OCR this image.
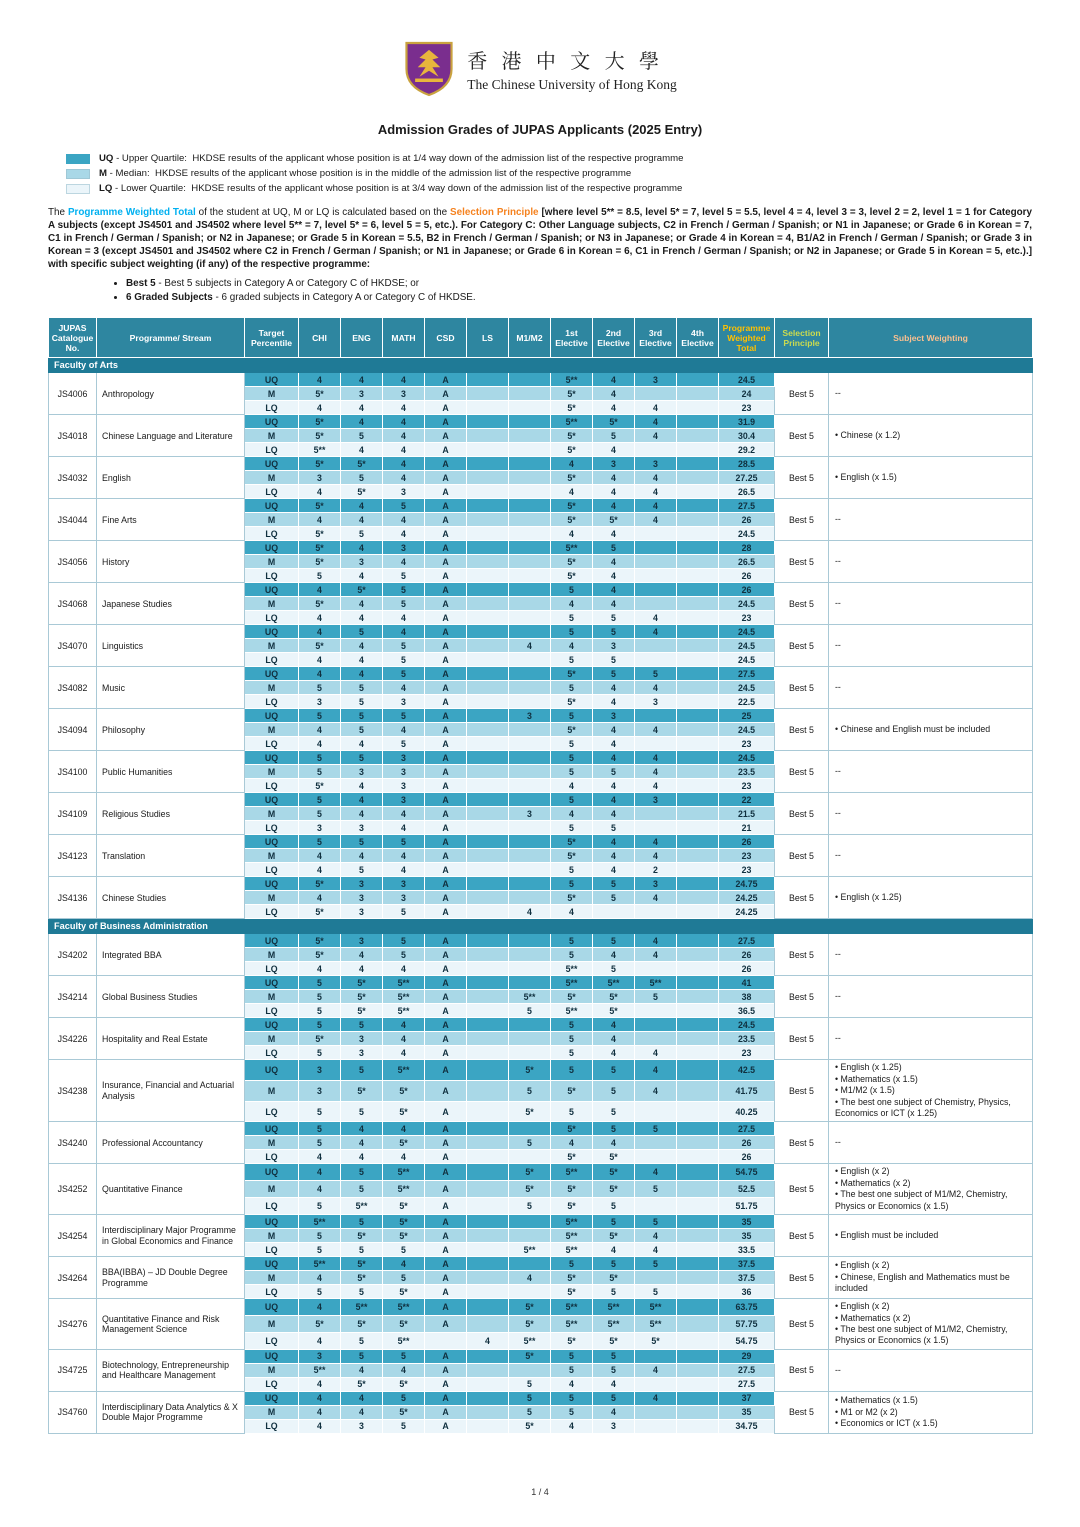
香 港 中 文 大 學
The Chinese University of Hong Kong
Admission Grades of JUPAS Applicants (2025 Entry)
UQ - Upper Quartile: HKDSE results of the applicant whose position is at 1/4 way down of the admission list of the respective programme
M - Median: HKDSE results of the applicant whose position is in the middle of the admission list of the respective programme
LQ - Lower Quartile: HKDSE results of the applicant whose position is at 3/4 way down of the admission list of the respective programme

The Programme Weighted Total of the student at UQ, M or LQ is calculated based on the Selection Principle [where level 5** = 8.5, level 5* = 7, level 5 = 5.5, level 4 = 4, level 3 = 3, level 2 = 2, level 1 = 1 for Category A subjects (except JS4501 and JS4502 where level 5** = 7, level 5* = 6, level 5 = 5, etc.). For Category C: Other Language subjects, C2 in French / German / Spanish; or N1 in Japanese; or Grade 6 in Korean = 7, C1 in French / German / Spanish; or N2 in Japanese; or Grade 5 in Korean = 5.5, B2 in French / German / Spanish; or N3 in Japanese; or Grade 4 in Korean = 4, B1/A2 in French / German / Spanish; or Grade 3 in Korean = 3 (except JS4501 and JS4502 where C2 in French / German / Spanish; or N1 in Japanese; or Grade 6 in Korean = 6, C1 in French / German / Spanish; or N2 in Japanese; or Grade 5 in Korean = 5, etc.).] with specific subject weighting (if any) of the respective programme:

• Best 5 - Best 5 subjects in Category A or Category C of HKDSE; or
• 6 Graded Subjects - 6 graded subjects in Category A or Category C of HKDSE.
JUPAS Catalogue No.	Programme/ Stream	Target Percentile	CHI	ENG	MATH	CSD	LS	M1/M2	1st Elective	2nd Elective	3rd Elective	4th Elective	Programme Weighted Total	Selection Principle	Subject Weighting
Faculty of Arts															
JS4006	Anthropology	UQ	4	4	4	A			5**	4	3		24.5	Best 5	--

		M	5*	3	3	A			5*	4			24		
		LQ	4	4	4	A			5*	4	4		23		
JS4018	Chinese Language and Literature	UQ	5*	4	4	A			5**	5*	4		31.9	Best 5	• Chinese (x 1.2)

		M	5*	5	4	A			5*	5	4		30.4		
		LQ	5**	4	4	A			5*	4			29.2		
JS4032	English	UQ	5*	5*	4	A			4	3	3		28.5	Best 5	• English (x 1.5)

		M	3	5	4	A			5*	4	4		27.25		
		LQ	4	5*	3	A			4	4	4		26.5		
JS4044	Fine Arts	UQ	5*	4	5	A			5*	4	4		27.5	Best 5	--

		M	4	4	4	A			5*	5*	4		26		
		LQ	5*	5	4	A			4	4			24.5		
JS4056	History	UQ	5*	4	3	A			5**	5			28	Best 5	--

		M	5*	3	4	A			5*	4			26.5		
		LQ	5	4	5	A			5*	4			26		
JS4068	Japanese Studies	UQ	4	5*	5	A			5	4			26	Best 5	--

		M	5*	4	5	A			4	4			24.5		
		LQ	4	4	4	A			5	5	4		23		
JS4070	Linguistics	UQ	4	5	4	A			5	5	4		24.5	Best 5	--

		M	5*	4	5	A		4	4	3			24.5		
		LQ	4	4	5	A			5	5			24.5		
JS4082	Music	UQ	4	4	5	A			5*	5	5		27.5	Best 5	--

		M	5	5	4	A			5	4	4		24.5		
		LQ	3	5	3	A			5*	4	3		22.5		
JS4094	Philosophy	UQ	5	5	5	A		3	5	3			25	Best 5	• Chinese and English must be included

		M	4	5	4	A			5*	4	4		24.5		
		LQ	4	4	5	A			5	4			23		
JS4100	Public Humanities	UQ	5	5	3	A			5	4	4		24.5	Best 5	--

		M	5	3	3	A			5	5	4		23.5		
		LQ	5*	4	3	A			4	4	4		23		
JS4109	Religious Studies	UQ	5	4	3	A			5	4	3		22	Best 5	--

		M	5	4	4	A		3	4	4			21.5		
		LQ	3	3	4	A			5	5			21		
JS4123	Translation	UQ	5	5	5	A			5*	4	4		26	Best 5	--

		M	4	4	4	A			5*	4	4		23		
		LQ	4	5	4	A			5	4	2		23		
JS4136	Chinese Studies	UQ	5*	3	3	A			5	5	3		24.75	Best 5	• English (x 1.25)

		M	4	3	3	A			5*	5	4		24.25		
		LQ	5*	3	5	A		4	4				24.25		
Faculty of Business Administration															
JS4202	Integrated BBA	UQ	5*	3	5	A			5	5	4		27.5	Best 5	--

		M	5*	4	5	A			5	4	4		26		
		LQ	4	4	4	A			5**	5			26		
JS4214	Global Business Studies	UQ	5	5*	5**	A			5**	5**	5**		41	Best 5	--

		M	5	5*	5**	A		5**	5*	5*	5		38		
		LQ	5	5*	5**	A		5	5**	5*			36.5		
JS4226	Hospitality and Real Estate	UQ	5	5	4	A			5	4			24.5	Best 5	--

		M	5*	3	4	A			5	4			23.5		
		LQ	5	3	4	A			5	4	4		23		
JS4238	Insurance, Financial and Actuarial Analysis	UQ	3	5	5**	A		5*	5	5	4		42.5	Best 5	• English (x 1.25)
• Mathematics (x 1.5)
• M1/M2 (x 1.5)
• The best one subject of Chemistry, Physics, Economics or ICT (x 1.25)

		M	3	5*	5*	A		5	5*	5	4		41.75		
		LQ	5	5	5*	A		5*	5	5			40.25		
JS4240	Professional Accountancy	UQ	5	4	4	A			5*	5	5		27.5	Best 5	--

		M	5	4	5*	A		5	4	4			26		
		LQ	4	4	4	A			5*	5*			26		
JS4252	Quantitative Finance	UQ	4	5	5**	A		5*	5**	5*	4		54.75	Best 5	• English (x 2)
• Mathematics (x 2)
• The best one subject of M1/M2, Chemistry, Physics or Economics (x 1.5)

		M	4	5	5**	A		5*	5*	5*	5		52.5		
		LQ	5	5**	5*	A		5	5*	5			51.75		
JS4254	Interdisciplinary Major Programme in Global Economics and Finance	UQ	5**	5	5*	A			5**	5	5		35	Best 5	• English must be included

		M	5	5*	5*	A			5**	5*	4		35		
		LQ	5	5	5	A		5**	5**	4	4		33.5		
JS4264	BBA(IBBA) – JD Double Degree Programme	UQ	5**	5*	4	A			5	5	5		37.5	Best 5	• English (x 2)
• Chinese, English and Mathematics must be included

		M	4	5*	5	A		4	5*	5*			37.5		
		LQ	5	5	5*	A			5*	5	5		36		
JS4276	Quantitative Finance and Risk Management Science	UQ	4	5**	5**	A		5*	5**	5**	5**		63.75	Best 5	• English (x 2)
• Mathematics (x 2)
• The best one subject of M1/M2, Chemistry, Physics or Economics (x 1.5)

		M	5*	5*	5*	A		5*	5**	5**	5**		57.75		
		LQ	4	5	5**		4	5**	5*	5*	5*		54.75		
JS4725	Biotechnology, Entrepreneurship and Healthcare Management	UQ	3	5	5	A		5*	5	5			29	Best 5	--

		M	5**	4	4	A			5	5	4		27.5		
		LQ	4	5*	5*	A		5	4	4			27.5		
JS4760	Interdisciplinary Data Analytics & X Double Major Programme	UQ	4	4	5	A		5	5	5	4		37	Best 5	• Mathematics (x 1.5)
• M1 or M2 (x 2)
• Economics or ICT (x 1.5)

		M	4	4	5*	A		5	5	4			35		
		LQ	4	3	5	A		5*	4	3			34.75		
1 / 4
